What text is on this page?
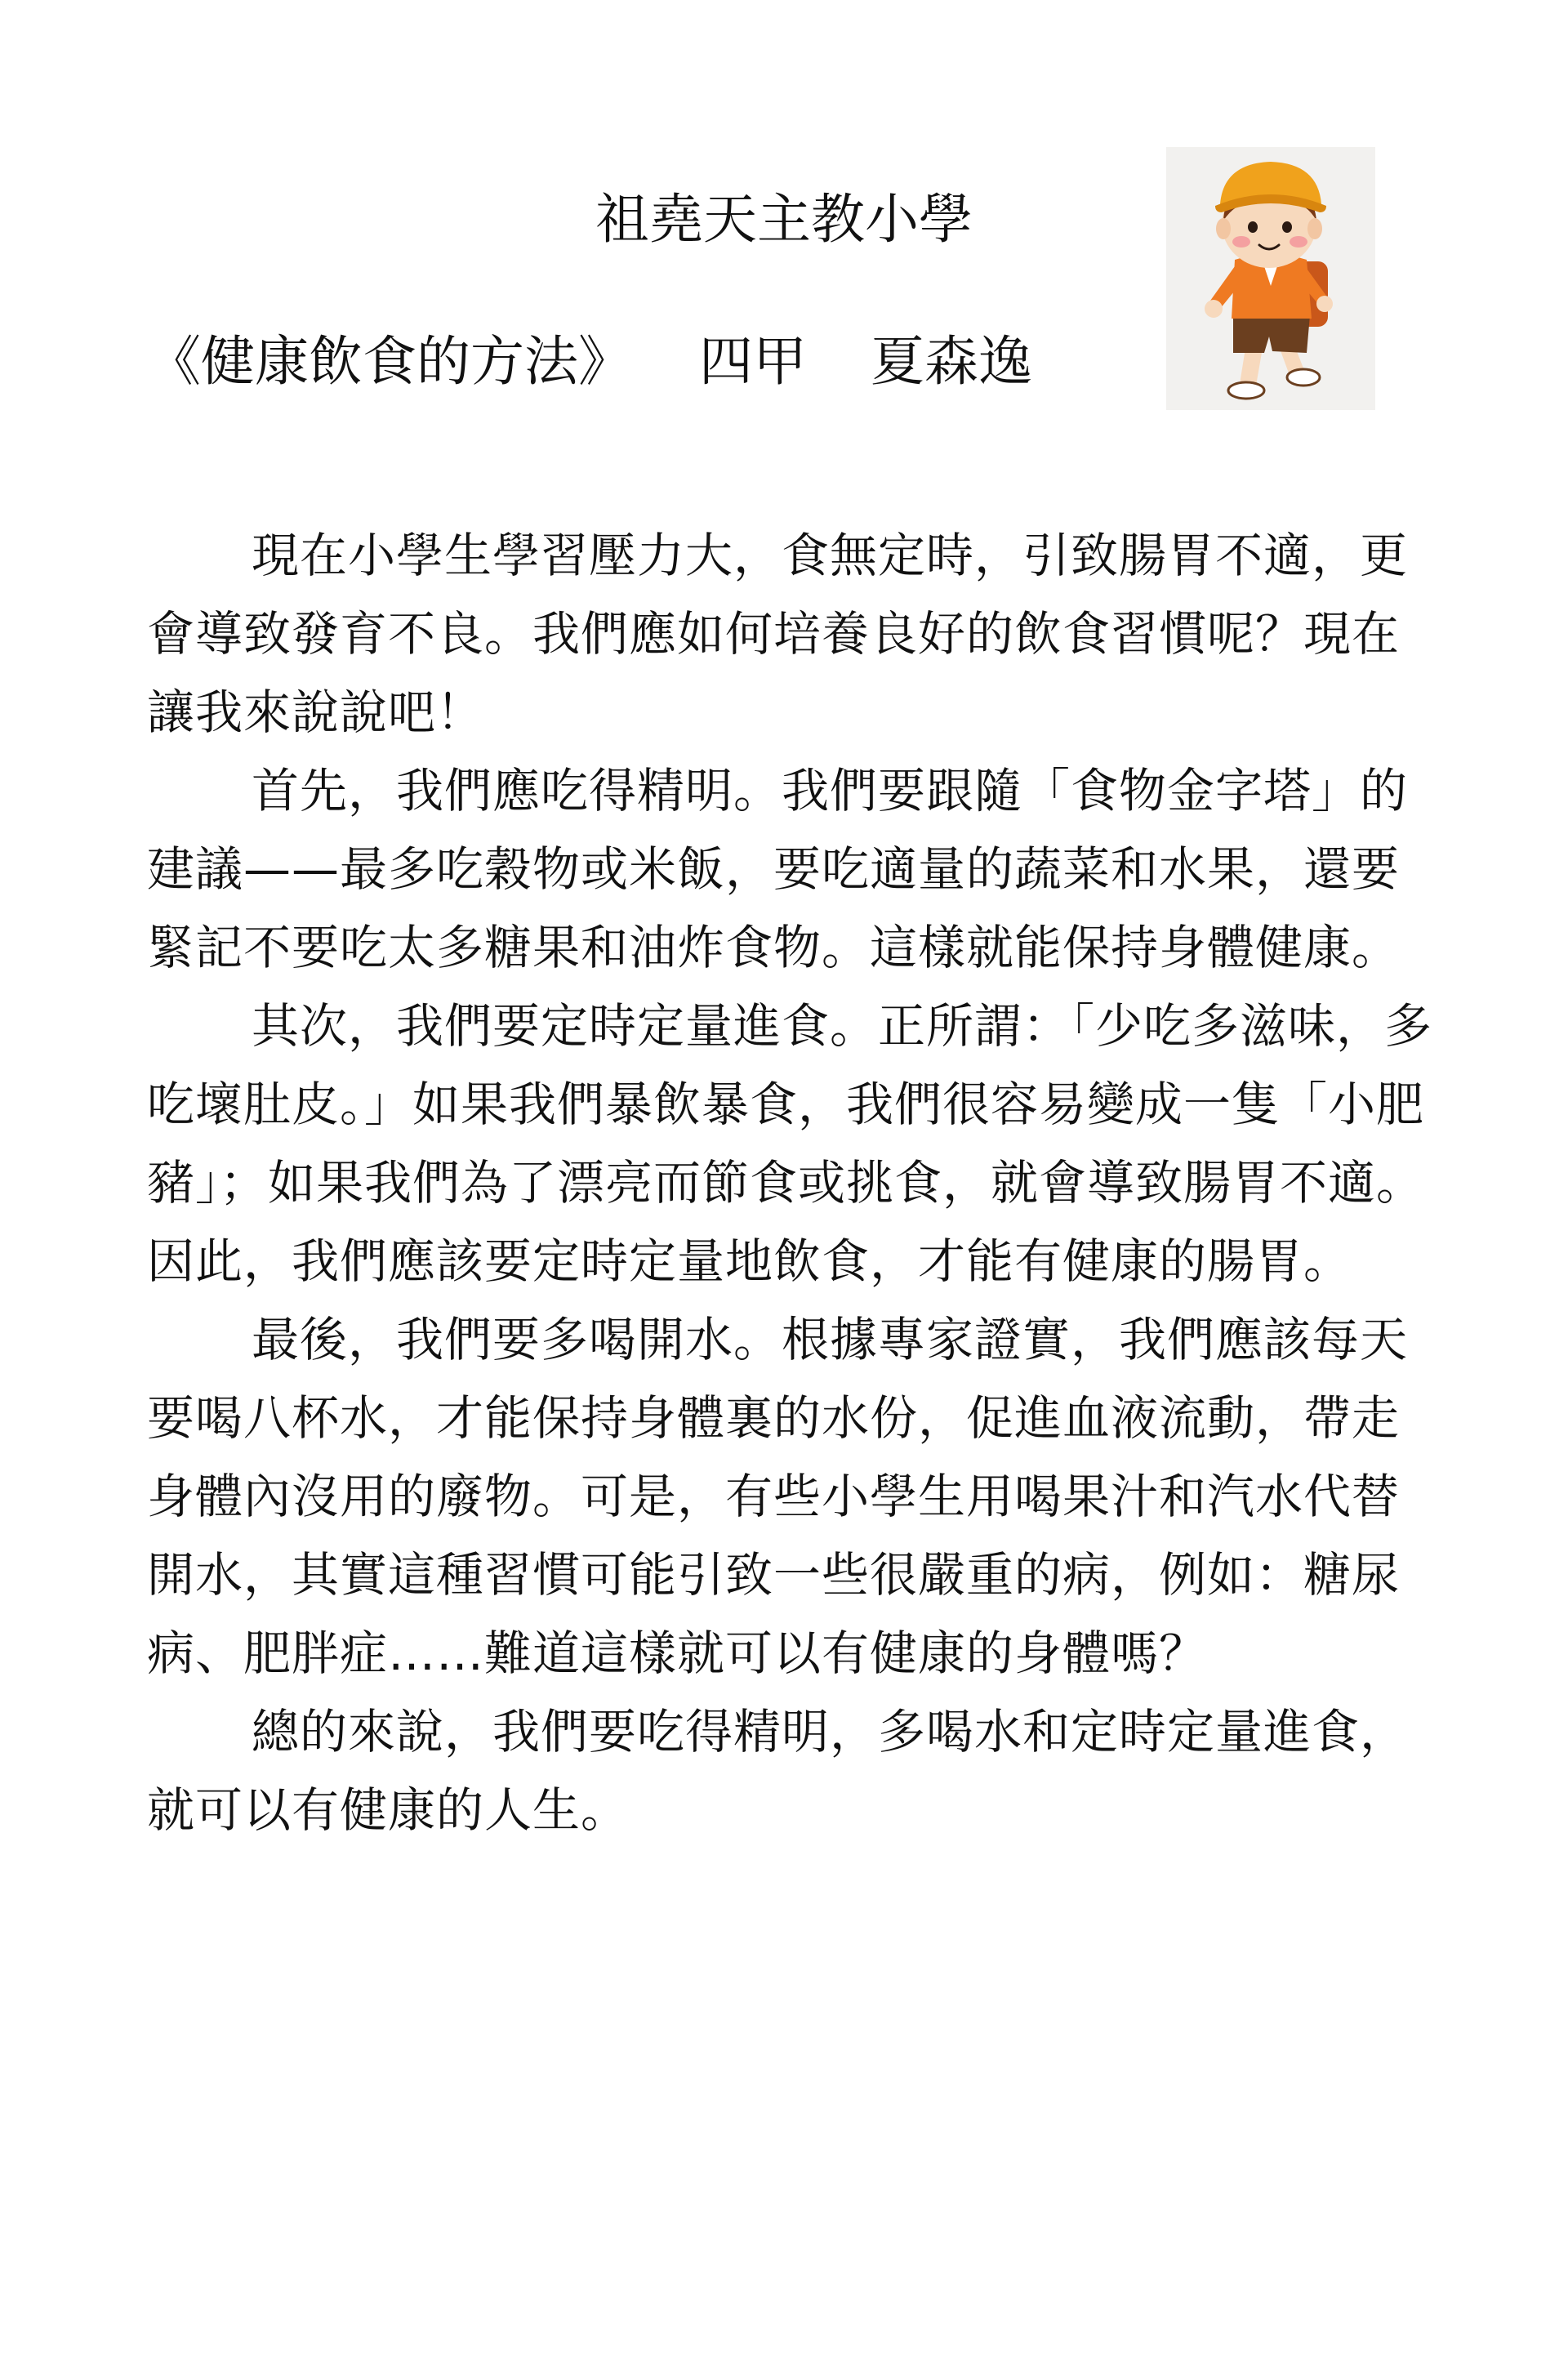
祖堯天主教小學
《健康飲食的方法》 四甲 夏森逸

現在小學生學習壓力大，食無定時，引致腸胃不適，更會導致發育不良。我們應如何培養良好的飲食習慣呢？現在讓我來說說吧！

首先，我們應吃得精明。我們要跟隨「食物金字塔」的建議——最多吃穀物或米飯，要吃適量的蔬菜和水果，還要緊記不要吃太多糖果和油炸食物。這樣就能保持身體健康。

其次，我們要定時定量進食。正所謂：「少吃多滋味，多吃壞肚皮。」如果我們暴飲暴食，我們很容易變成一隻「小肥豬」；如果我們為了漂亮而節食或挑食，就會導致腸胃不適。因此，我們應該要定時定量地飲食，才能有健康的腸胃。

最後，我們要多喝開水。根據專家證實，我們應該每天要喝八杯水，才能保持身體裏的水份，促進血液流動，帶走身體內沒用的廢物。可是，有些小學生用喝果汁和汽水代替開水，其實這種習慣可能引致一些很嚴重的病，例如：糖尿病、肥胖症……難道這樣就可以有健康的身體嗎？

總的來說，我們要吃得精明，多喝水和定時定量進食，就可以有健康的人生。
